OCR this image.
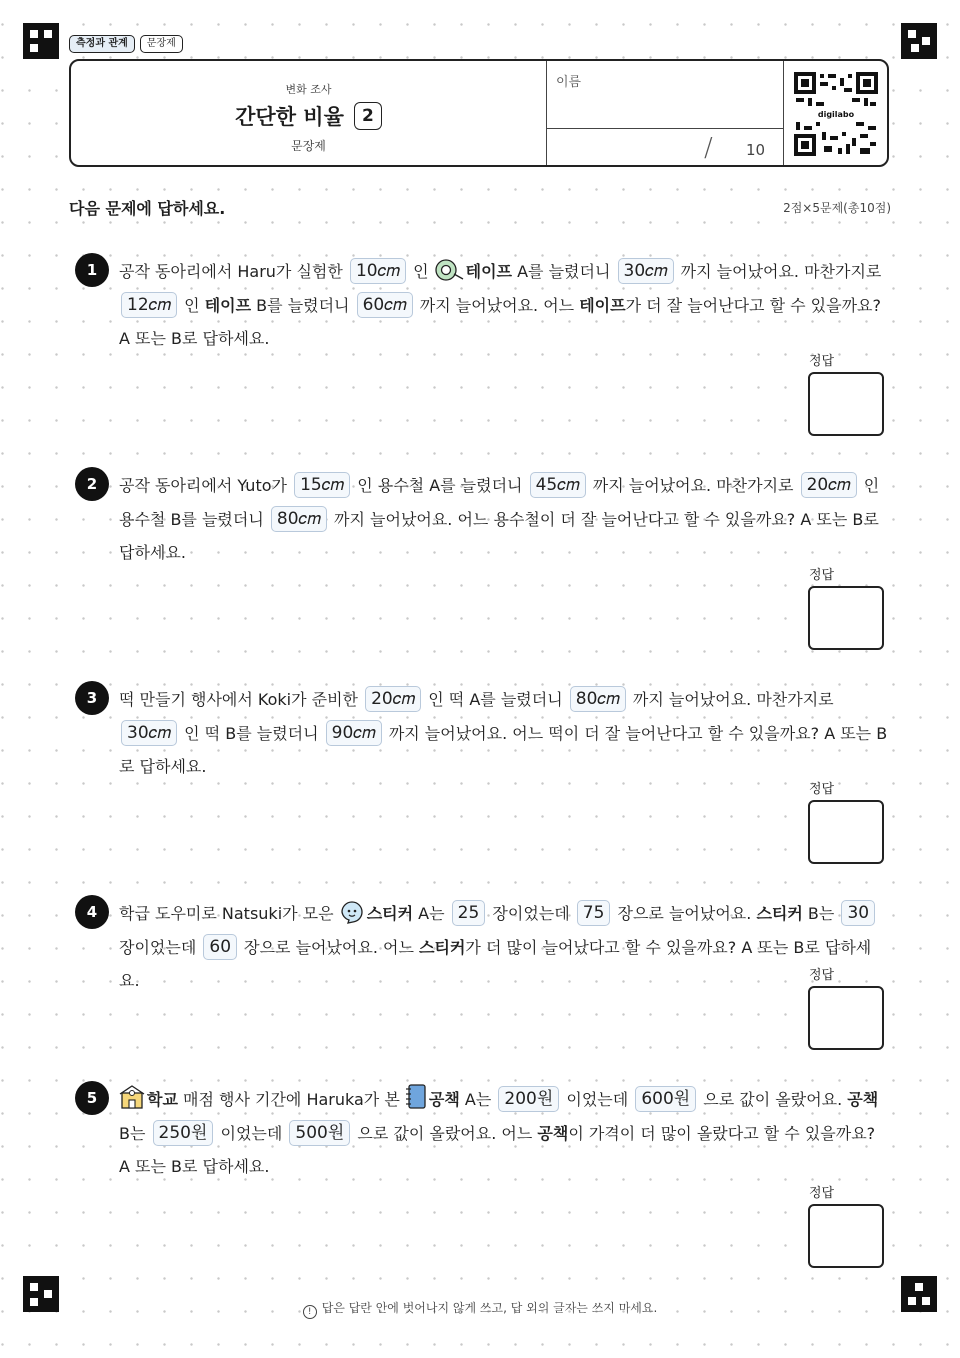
측정과 관계	문장제
변화 조사
간단한 비율	2
문장제
이름
/ 10
digilabo
다음 문제에 답하세요.	2점×5문제(총10점)
1	공작 동아리에서 Haru가 실험한 10𝑐𝑚 인 테이프 A를 늘렸더니 30𝑐𝑚 까지 늘어났어요. 마찬가지로 12𝑐𝑚 인 테이프 B를 늘렸더니 60𝑐𝑚 까지 늘어났어요. 어느 테이프가 더 잘 늘어난다고 할 수 있을까요? A 또는 B로 답하세요.
정답
2	공작 동아리에서 Yuto가 15𝑐𝑚 인 용수철 A를 늘렸더니 45𝑐𝑚 까지 늘어났어요. 마찬가지로 20𝑐𝑚 인 용수철 B를 늘렸더니 80𝑐𝑚 까지 늘어났어요. 어느 용수철이 더 잘 늘어난다고 할 수 있을까요? A 또는 B로 답하세요.
정답
3	떡 만들기 행사에서 Koki가 준비한 20𝑐𝑚 인 떡 A를 늘렸더니 80𝑐𝑚 까지 늘어났어요. 마찬가지로 30𝑐𝑚 인 떡 B를 늘렸더니 90𝑐𝑚 까지 늘어났어요. 어느 떡이 더 잘 늘어난다고 할 수 있을까요? A 또는 B로 답하세요.
정답
4	학급 도우미로 Natsuki가 모은 스티커 A는 25 장이었는데 75 장으로 늘어났어요. 스티커 B는 30 장이었는데 60 장으로 늘어났어요. 어느 스티커가 더 많이 늘어났다고 할 수 있을까요? A 또는 B로 답하세요.	정답
5	학교 매점 행사 기간에 Haruka가 본 공책 A는 200원 이었는데 600원 으로 값이 올랐어요. 공책 B는 250원 이었는데 500원 으로 값이 올랐어요. 어느 공책이 가격이 더 많이 올랐다고 할 수 있을까요? A 또는 B로 답하세요.
정답
! 답은 답란 안에 벗어나지 않게 쓰고, 답 외의 글자는 쓰지 마세요.
